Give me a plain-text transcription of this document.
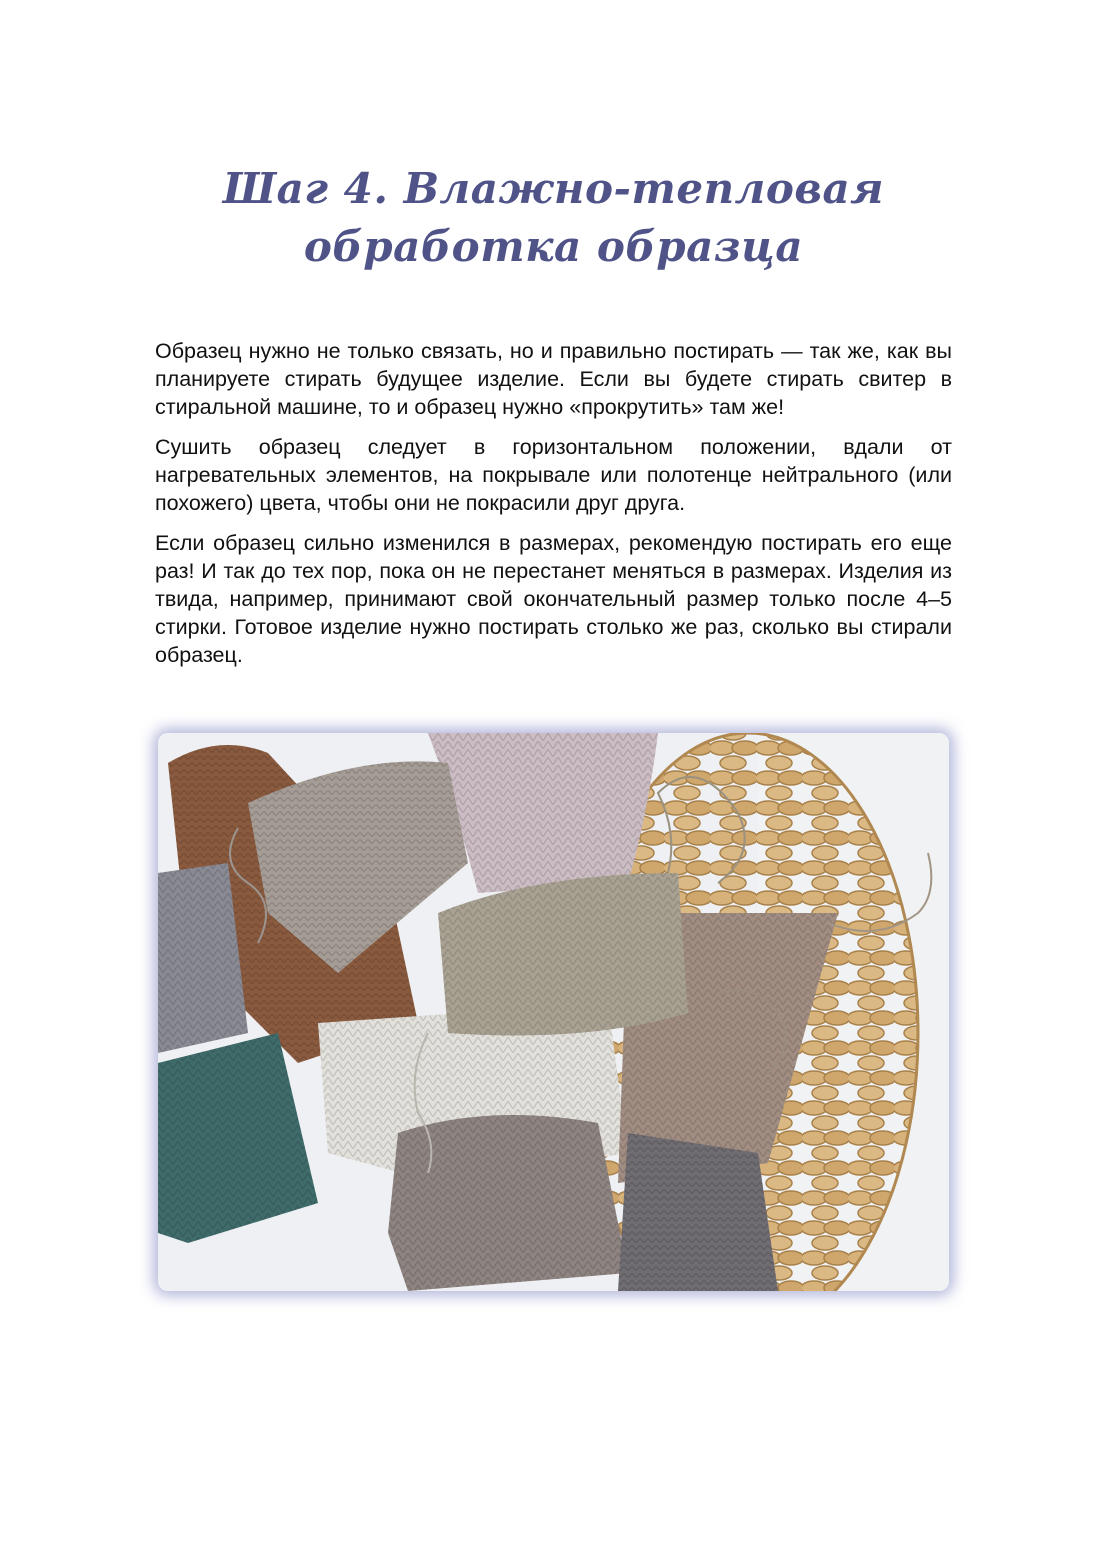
Шаг 4. Влажно-тепловая
обработка образца

Образец нужно не только связать, но и правильно постирать — так же, как вы планируете стирать будущее изделие. Если вы будете стирать свитер в стиральной машине, то и образец нужно «прокрутить» там же!

Сушить образец следует в горизонтальном положении, вдали от нагревательных элементов, на покрывале или полотенце нейтрального (или похожего) цвета, чтобы они не покрасили друг друга.

Если образец сильно изменился в размерах, рекомендую постирать его еще раз! И так до тех пор, пока он не перестанет меняться в размерах. Изделия из твида, например, принимают свой окончательный размер только после 4–5 стирки. Готовое изделие нужно постирать столько же раз, сколько вы стирали образец.
